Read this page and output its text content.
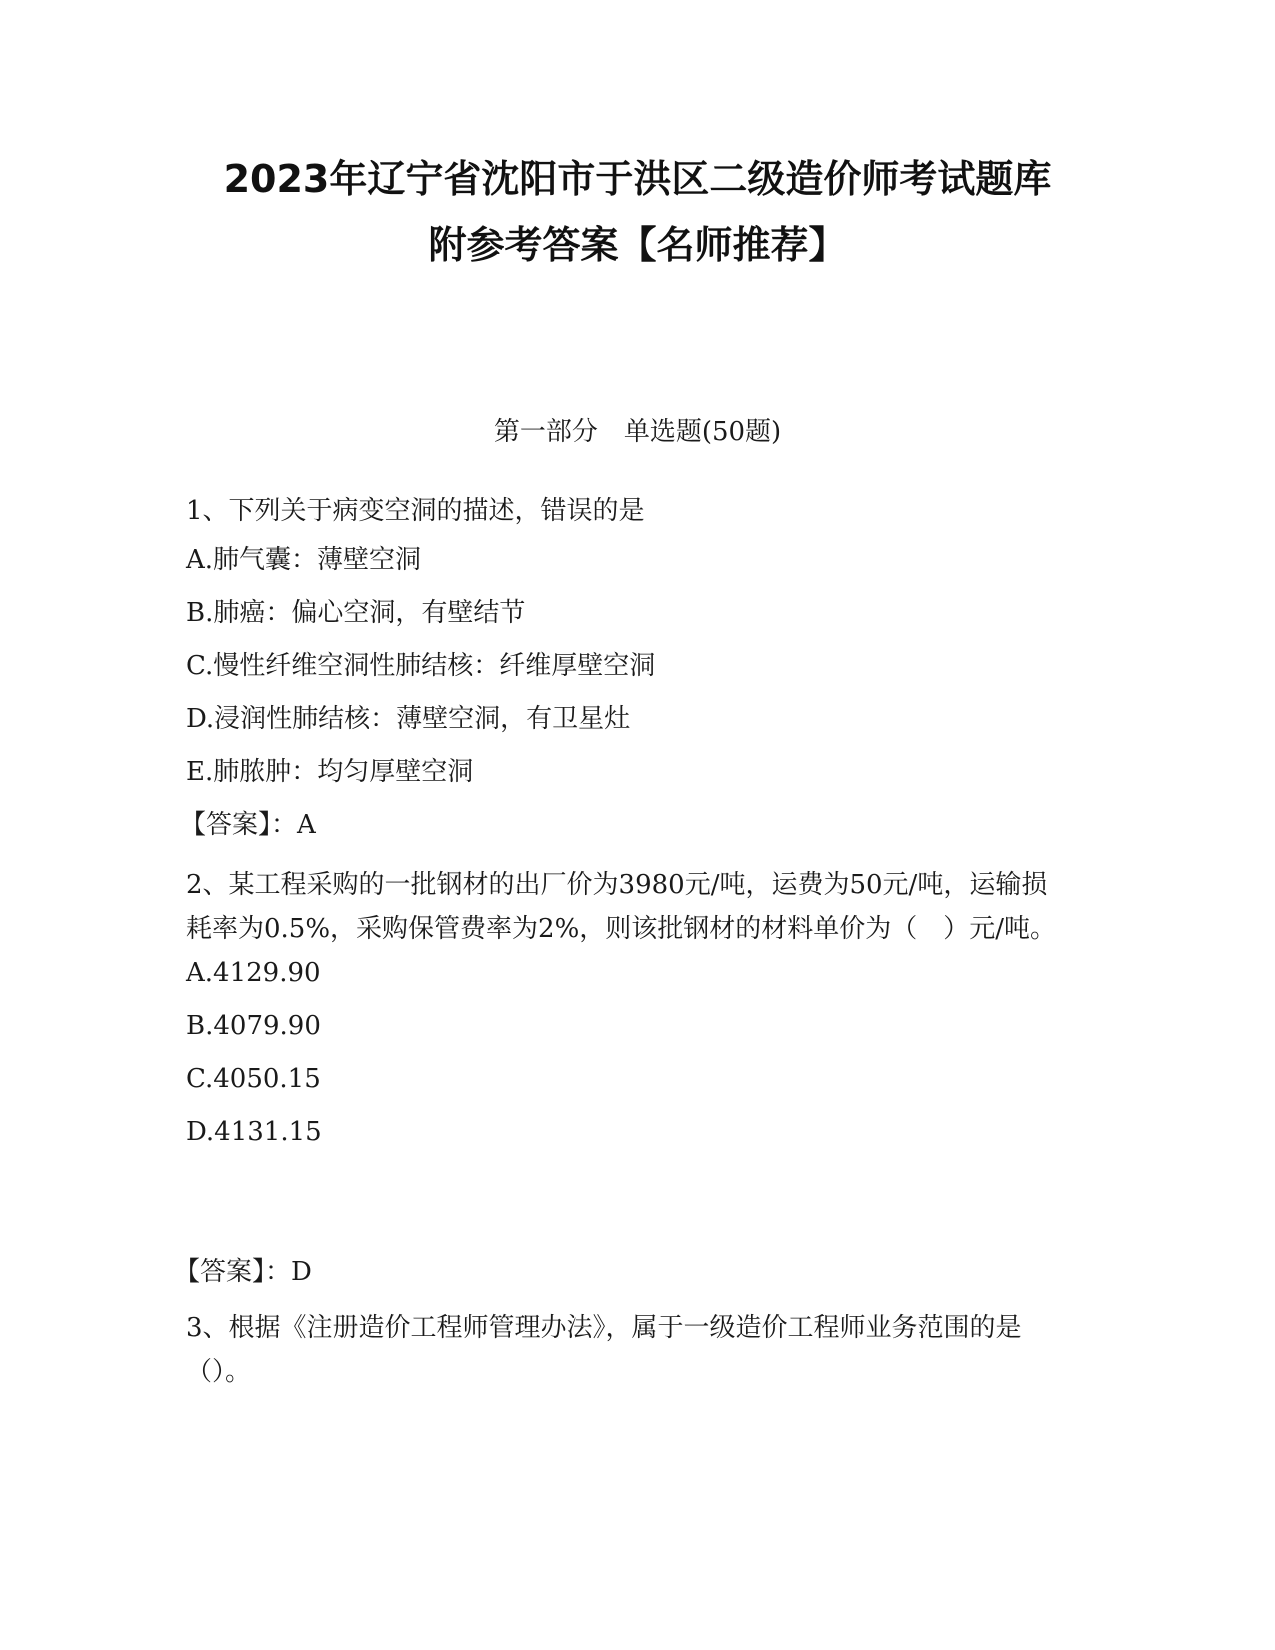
2023年辽宁省沈阳市于洪区二级造价师考试题库
附参考答案【名师推荐】
第一部分　单选题(50题)

1、下列关于病变空洞的描述，错误的是

A.肺气囊：薄壁空洞

B.肺癌：偏心空洞，有壁结节

C.慢性纤维空洞性肺结核：纤维厚壁空洞

D.浸润性肺结核：薄壁空洞，有卫星灶

E.肺脓肿：均匀厚壁空洞

【答案】：A

2、某工程采购的一批钢材的出厂价为3980元/吨，运费为50元/吨，运输损耗率为0.5%，采购保管费率为2%，则该批钢材的材料单价为（　）元/吨。

A.4129.90

B.4079.90

C.4050.15

D.4131.15

【答案】：D

3、根据《注册造价工程师管理办法》，属于一级造价工程师业务范围的是（）。
